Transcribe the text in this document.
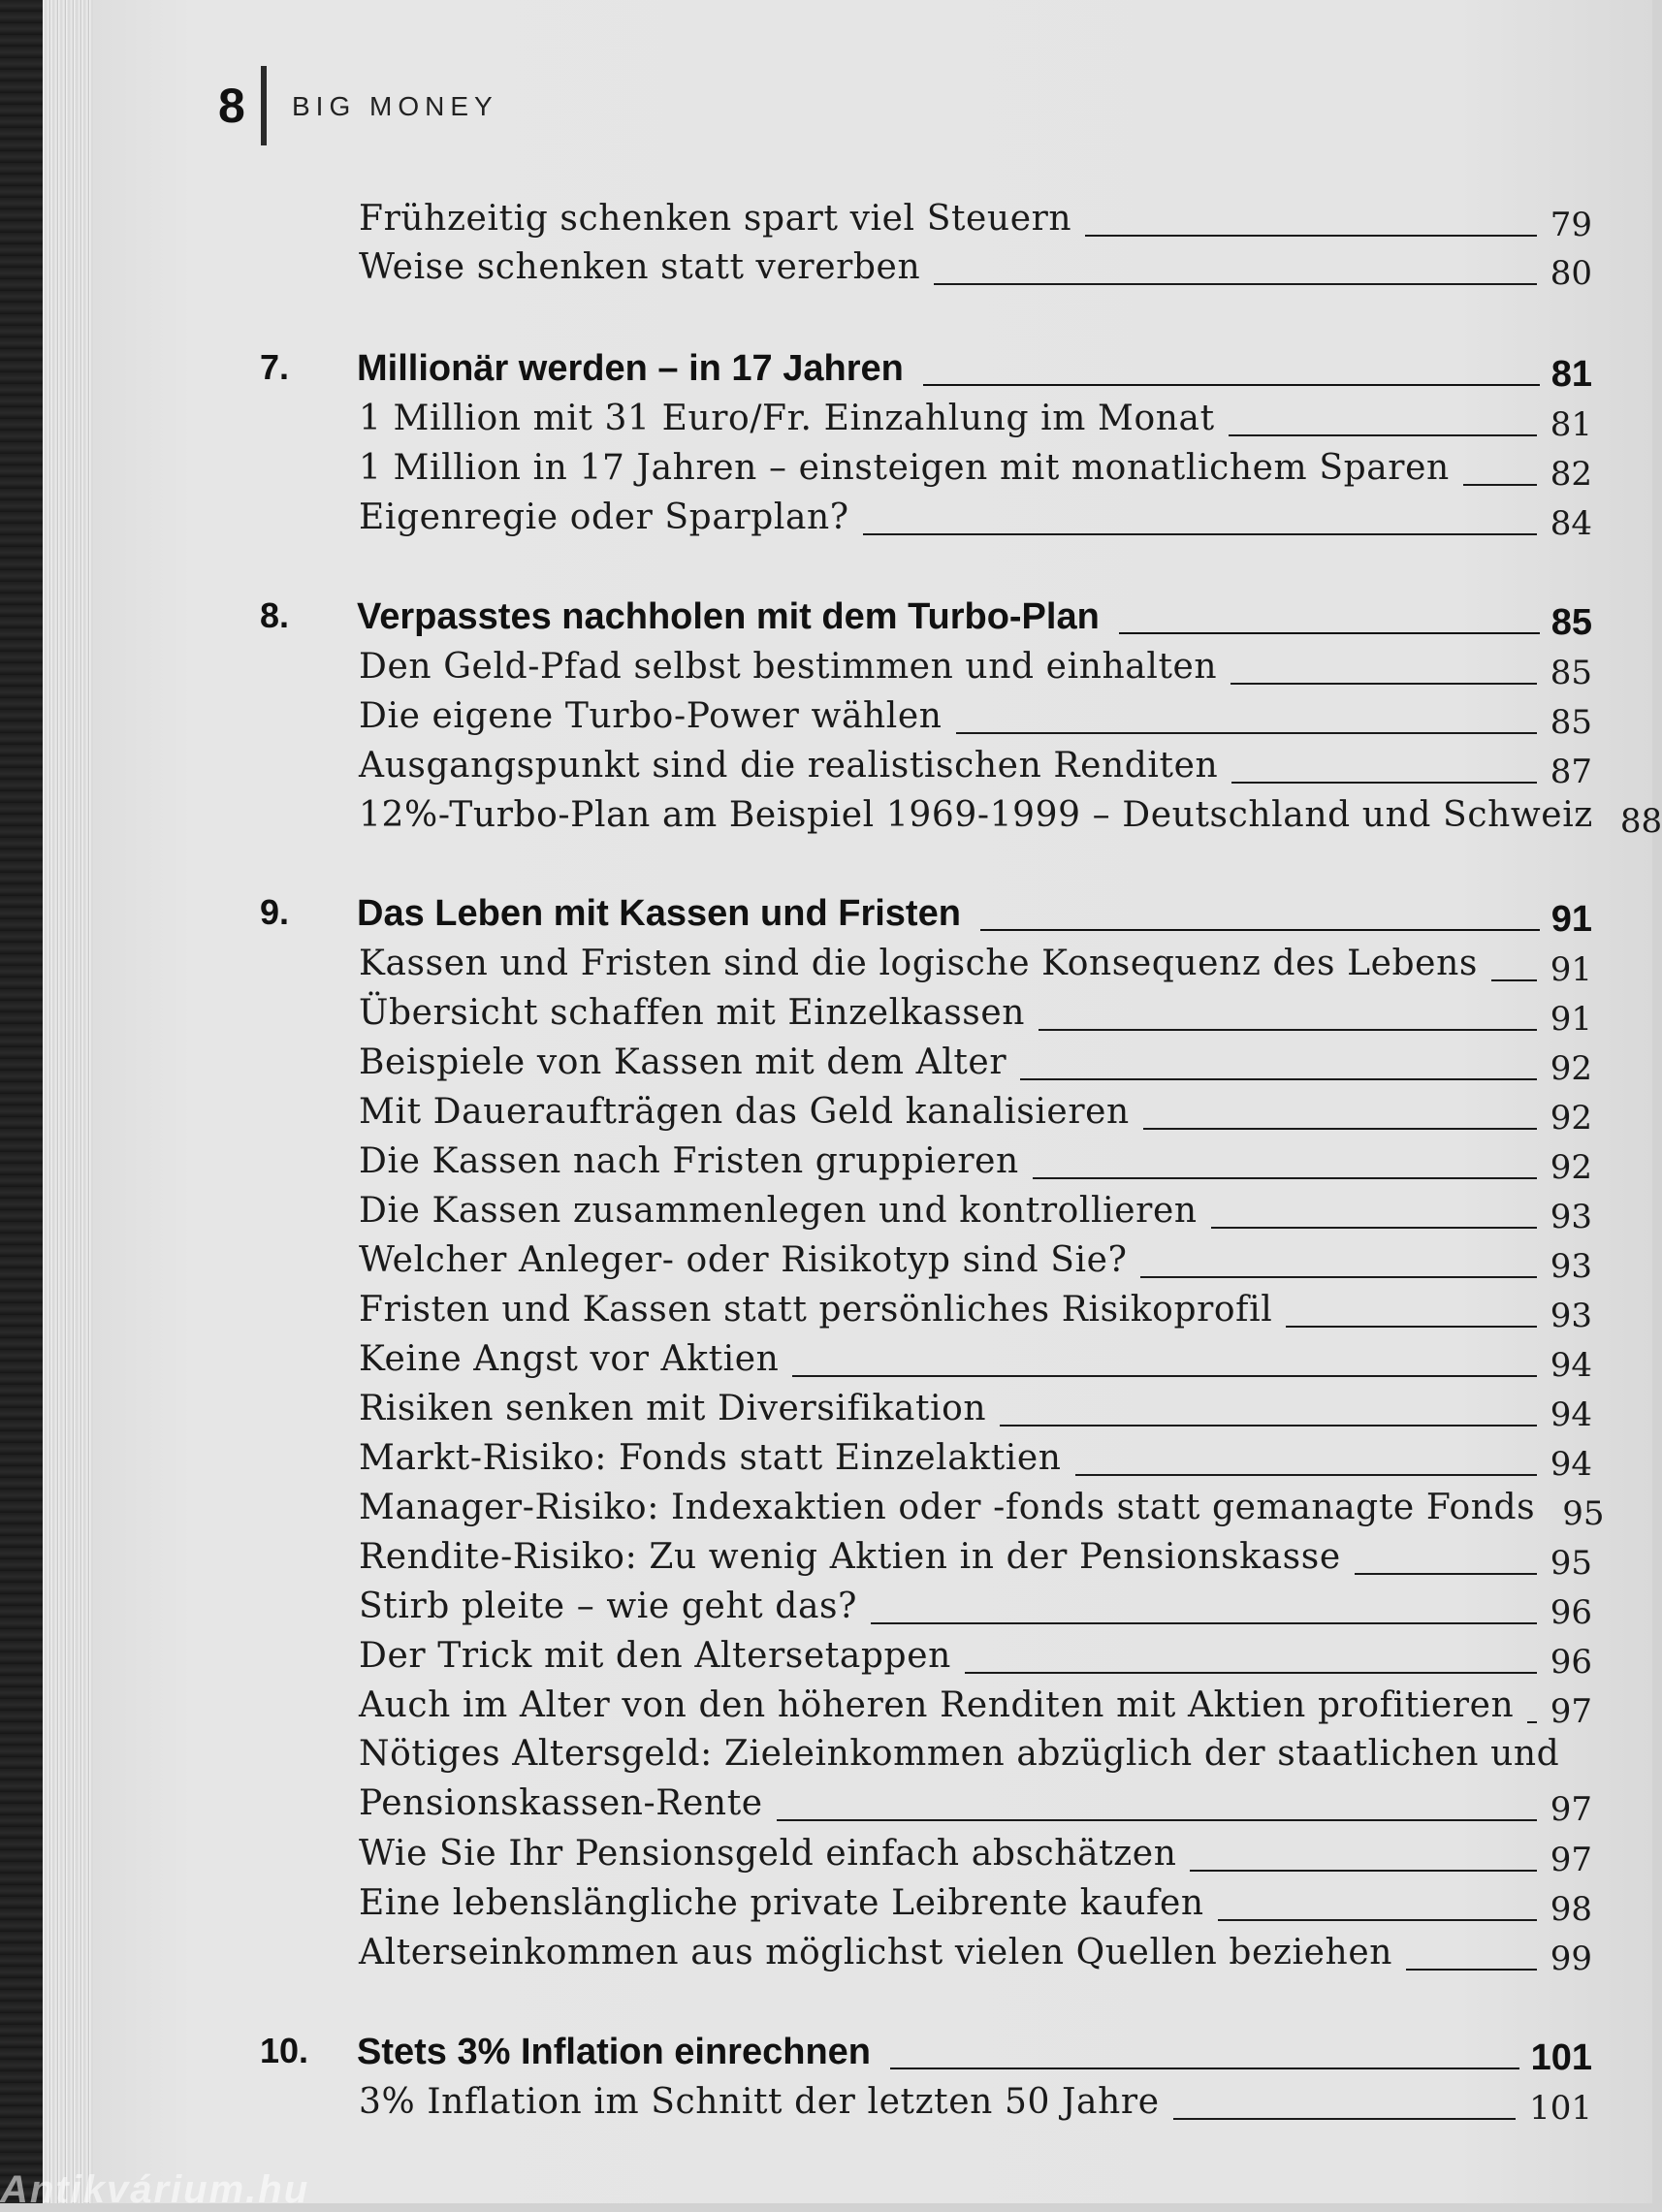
8 BIG MONEY
Frühzeitig schenken spart viel Steuern	79
Weise schenken statt vererben	80
7.	Millionär werden – in 17 Jahren	81
1 Million mit 31 Euro/Fr. Einzahlung im Monat	81
1 Million in 17 Jahren – einsteigen mit monatlichem Sparen	82
Eigenregie oder Sparplan?	84
8.	Verpasstes nachholen mit dem Turbo-Plan	85
Den Geld-Pfad selbst bestimmen und einhalten	85
Die eigene Turbo-Power wählen	85
Ausgangspunkt sind die realistischen Renditen	87
12%-Turbo-Plan am Beispiel 1969-1999 – Deutschland und Schweiz 88
9.	Das Leben mit Kassen und Fristen	91
Kassen und Fristen sind die logische Konsequenz des Lebens 91
Übersicht schaffen mit Einzelkassen	91
Beispiele von Kassen mit dem Alter	92
Mit Daueraufträgen das Geld kanalisieren	92
Die Kassen nach Fristen gruppieren	92
Die Kassen zusammenlegen und kontrollieren	93
Welcher Anleger- oder Risikotyp sind Sie?	93
Fristen und Kassen statt persönliches Risikoprofil	93
Keine Angst vor Aktien	94
Risiken senken mit Diversifikation	94
Markt-Risiko: Fonds statt Einzelaktien	94
Manager-Risiko: Indexaktien oder -fonds statt gemanagte Fonds 95
Rendite-Risiko: Zu wenig Aktien in der Pensionskasse	95
Stirb pleite – wie geht das?	96
Der Trick mit den Altersetappen	96
Auch im Alter von den höheren Renditen mit Aktien profitieren 97
Nötiges Altersgeld: Zieleinkommen abzüglich der staatlichen und
Pensionskassen-Rente	97
Wie Sie Ihr Pensionsgeld einfach abschätzen	97
Eine lebenslängliche private Leibrente kaufen	98
Alterseinkommen aus möglichst vielen Quellen beziehen	99
10.	Stets 3% Inflation einrechnen	101
3% Inflation im Schnitt der letzten 50 Jahre	101
Antikvárium.hu
